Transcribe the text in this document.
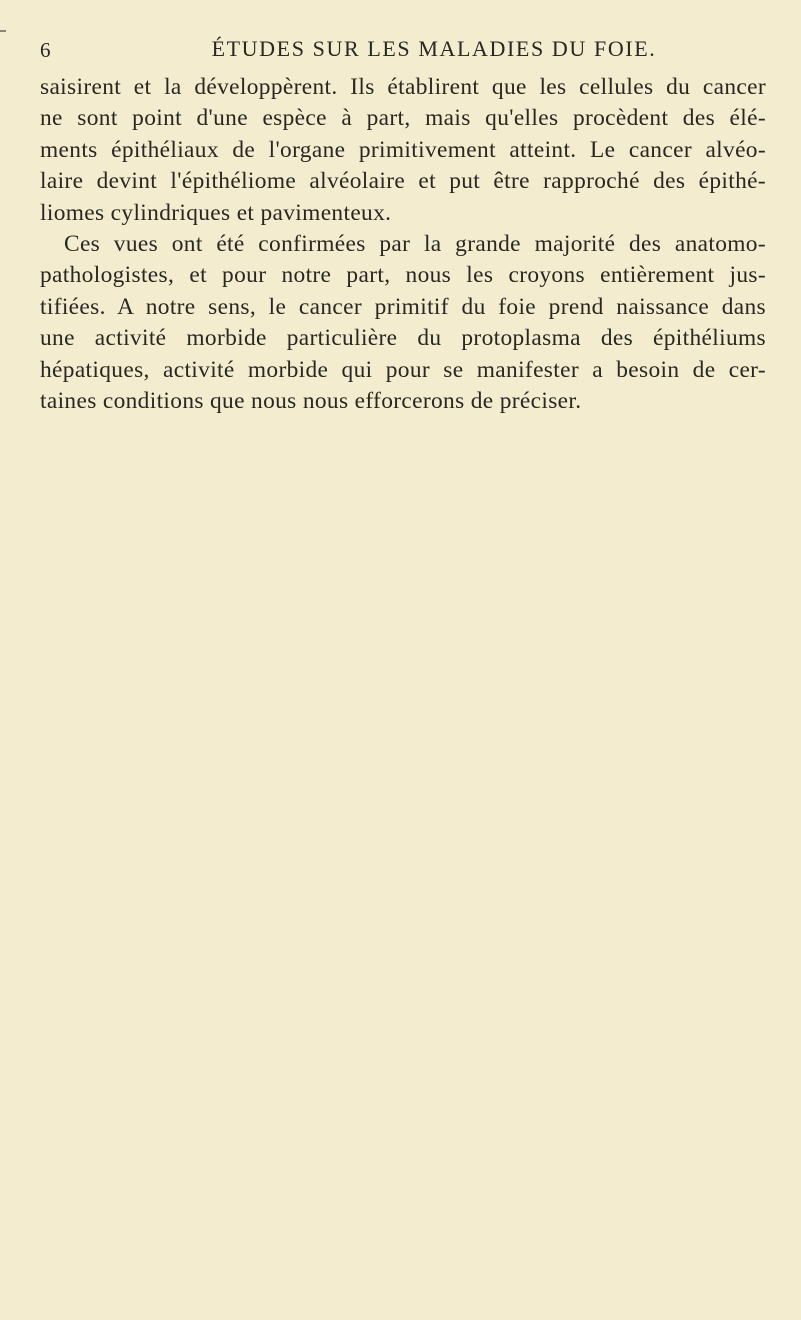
6	ÉTUDES SUR LES MALADIES DU FOIE.
saisirent et la développèrent. Ils établirent que les cellules du cancer
ne sont point d'une espèce à part, mais qu'elles procèdent des élé-
ments épithéliaux de l'organe primitivement atteint. Le cancer alvéo-
laire devint l'épithéliome alvéolaire et put être rapproché des épithé-
liomes cylindriques et pavimenteux.
Ces vues ont été confirmées par la grande majorité des anatomo-
pathologistes, et pour notre part, nous les croyons entièrement jus-
tifiées. A notre sens, le cancer primitif du foie prend naissance dans
une activité morbide particulière du protoplasma des épithéliums
hépatiques, activité morbide qui pour se manifester a besoin de cer-
taines conditions que nous nous efforcerons de préciser.
